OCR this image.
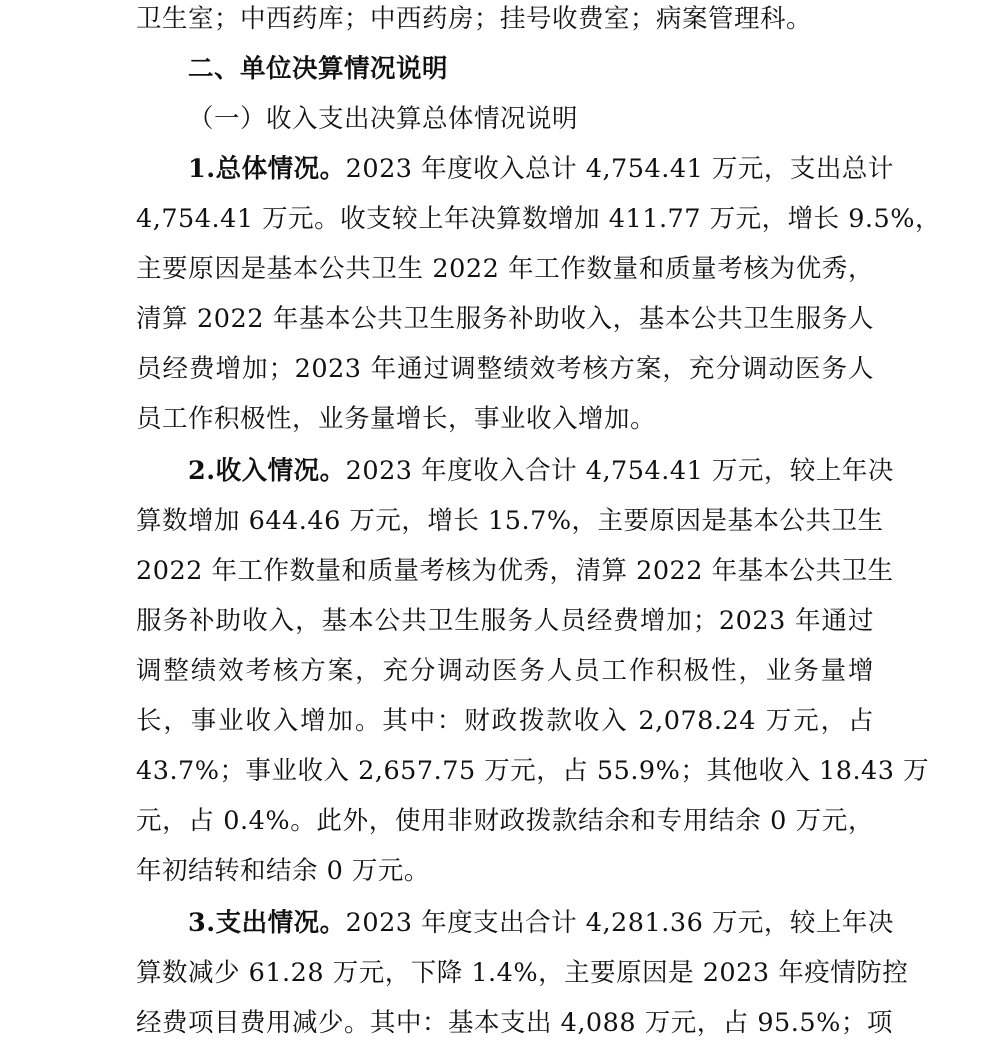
卫生室；中西药库；中西药房；挂号收费室；病案管理科。
二、单位决算情况说明
（一）收入支出决算总体情况说明
1.总体情况。2023 年度收入总计 4,754.41 万元，支出总计
4,754.41 万元。收支较上年决算数增加 411.77 万元，增长 9.5%，
主要原因是基本公共卫生 2022 年工作数量和质量考核为优秀，
清算 2022 年基本公共卫生服务补助收入，基本公共卫生服务人
员经费增加；2023 年通过调整绩效考核方案，充分调动医务人
员工作积极性，业务量增长，事业收入增加。
2.收入情况。2023 年度收入合计 4,754.41 万元，较上年决
算数增加 644.46 万元，增长 15.7%，主要原因是基本公共卫生
2022 年工作数量和质量考核为优秀，清算 2022 年基本公共卫生
服务补助收入，基本公共卫生服务人员经费增加；2023 年通过
调整绩效考核方案，充分调动医务人员工作积极性，业务量增
长，事业收入增加。其中：财政拨款收入 2,078.24 万元，占
43.7%；事业收入 2,657.75 万元，占 55.9%；其他收入 18.43 万
元，占 0.4%。此外，使用非财政拨款结余和专用结余 0 万元，
年初结转和结余 0 万元。
3.支出情况。2023 年度支出合计 4,281.36 万元，较上年决
算数减少 61.28 万元，下降 1.4%，主要原因是 2023 年疫情防控
经费项目费用减少。其中：基本支出 4,088 万元，占 95.5%；项
